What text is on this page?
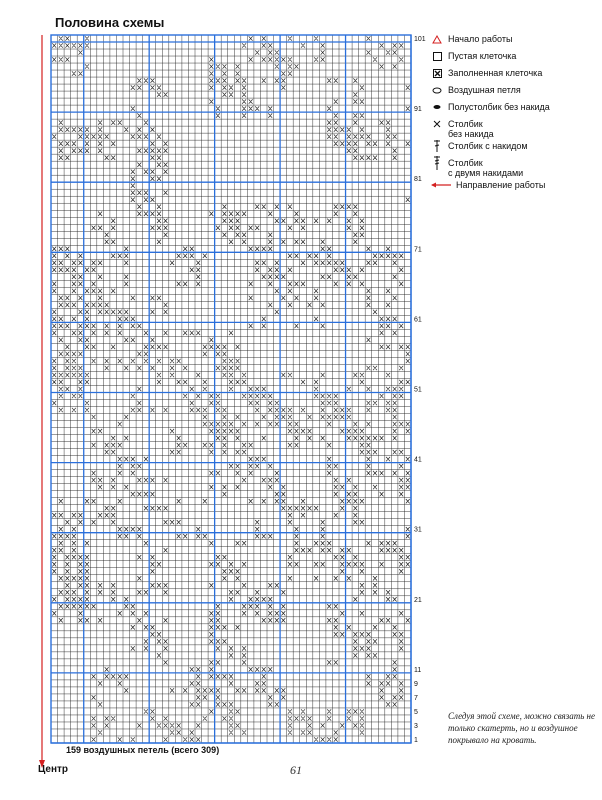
Половина схемы
101
91
81
71
61
51
41
31
21
11
9
7
5
3
1
Начало работы
Пустая клеточка
Заполненная клеточка
Воздушная петля
Полустолбик без накида
Столбик
без накида
Столбик с накидом
Столбик
с двумя накидами
Направление работы
Следуя этой схеме, можно связать не только скатерть, но и воздушное покрывало на кровать.
159 воздушных петель (всего 309)
Центр	61
